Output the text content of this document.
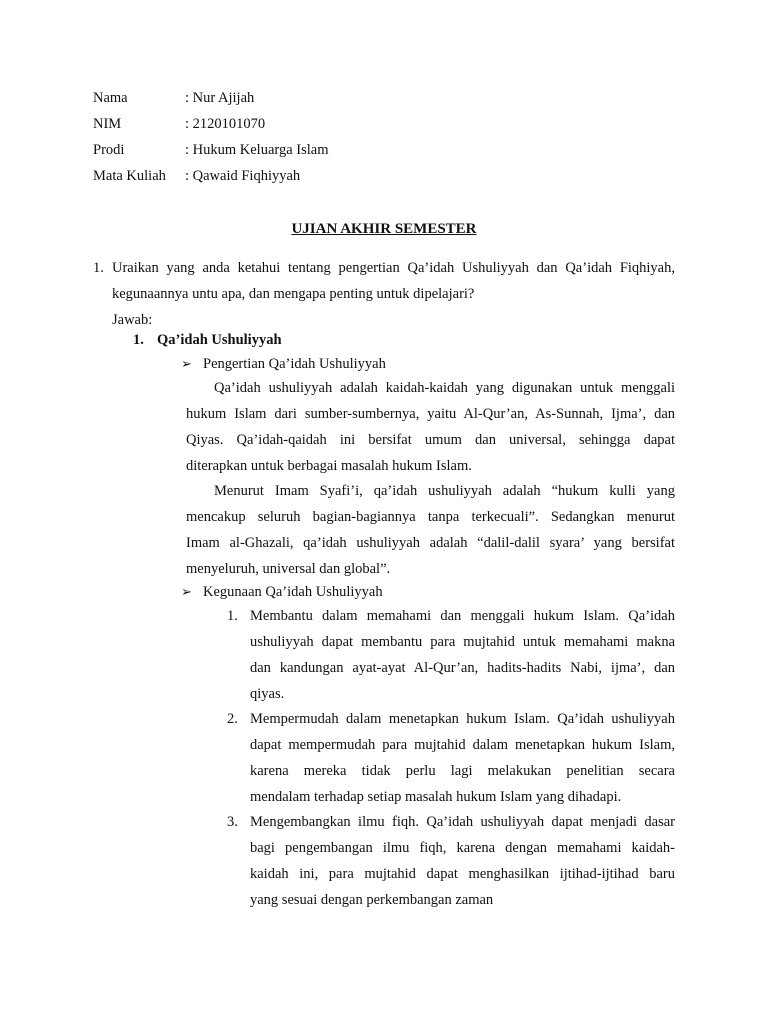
Nama	: Nur Ajijah
NIM	: 2120101070
Prodi	: Hukum Keluarga Islam
Mata Kuliah : Qawaid Fiqhiyyah
UJIAN AKHIR SEMESTER
1. Uraikan yang anda ketahui tentang pengertian Qa’idah Ushuliyyah dan Qa’idah Fiqhiyah,
kegunaannya untu apa, dan mengapa penting untuk dipelajari?
Jawab:
1. Qa’idah Ushuliyyah
➢ Pengertian Qa’idah Ushuliyyah
Qa’idah ushuliyyah adalah kaidah-kaidah yang digunakan untuk menggali
hukum Islam dari sumber-sumbernya, yaitu Al-Qur’an, As-Sunnah, Ijma’, dan
Qiyas. Qa’idah-qaidah ini bersifat umum dan universal, sehingga dapat
diterapkan untuk berbagai masalah hukum Islam.
Menurut Imam Syafi’i, qa’idah ushuliyyah adalah “hukum kulli yang
mencakup seluruh bagian-bagiannya tanpa terkecuali”. Sedangkan menurut
Imam al-Ghazali, qa’idah ushuliyyah adalah “dalil-dalil syara’ yang bersifat
menyeluruh, universal dan global”.
➢ Kegunaan Qa’idah Ushuliyyah
1. Membantu dalam memahami dan menggali hukum Islam. Qa’idah
ushuliyyah dapat membantu para mujtahid untuk memahami makna
dan kandungan ayat-ayat Al-Qur’an, hadits-hadits Nabi, ijma’, dan
qiyas.
2. Mempermudah dalam menetapkan hukum Islam. Qa’idah ushuliyyah
dapat mempermudah para mujtahid dalam menetapkan hukum Islam,
karena mereka tidak perlu lagi melakukan penelitian secara
mendalam terhadap setiap masalah hukum Islam yang dihadapi.
3. Mengembangkan ilmu fiqh. Qa’idah ushuliyyah dapat menjadi dasar
bagi pengembangan ilmu fiqh, karena dengan memahami kaidah-
kaidah ini, para mujtahid dapat menghasilkan ijtihad-ijtihad baru
yang sesuai dengan perkembangan zaman
